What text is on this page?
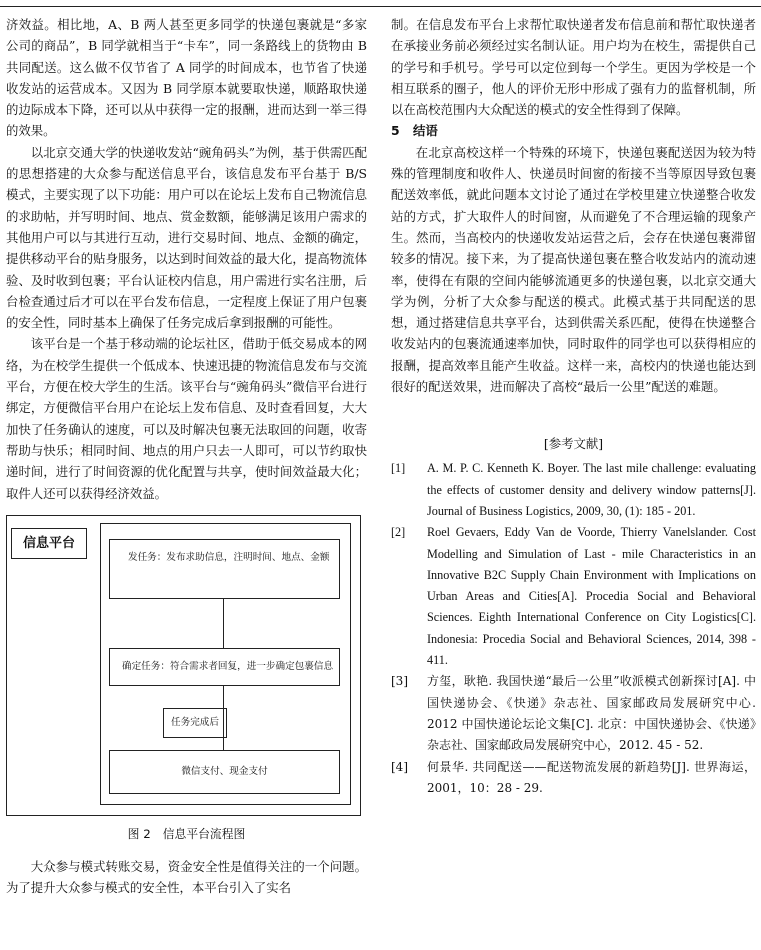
济效益。相比地，A、B 两人甚至更多同学的快递包裹就是“多家公司的商品”，B 同学就相当于“卡车”，同一条路线上的货物由 B 共同配送。这么做不仅节省了 A 同学的时间成本，也节省了快递收发站的运营成本。又因为 B 同学原本就要取快递，顺路取快递的边际成本下降，还可以从中获得一定的报酬，进而达到一举三得的效果。

以北京交通大学的快递收发站“豌角码头”为例，基于供需匹配的思想搭建的大众参与配送信息平台，该信息发布平台基于 B/S 模式，主要实现了以下功能：用户可以在论坛上发布自己物流信息的求助帖，并写明时间、地点、赏金数额，能够满足该用户需求的其他用户可以与其进行互动，进行交易时间、地点、金额的确定，提供移动平台的贴身服务，以达到时间效益的最大化，提高物流体验、及时收到包裹；平台认证校内信息，用户需进行实名注册，后台检查通过后才可以在平台发布信息，一定程度上保证了用户包裹的安全性，同时基本上确保了任务完成后拿到报酬的可能性。

该平台是一个基于移动端的论坛社区，借助于低交易成本的网络，为在校学生提供一个低成本、快速迅捷的物流信息发布与交流平台，方便在校大学生的生活。该平台与“豌角码头”微信平台进行绑定，方便微信平台用户在论坛上发布信息、及时查看回复，大大加快了任务确认的速度，可以及时解决包裹无法取回的问题，收寄帮助与快乐；相同时间、地点的用户只去一人即可，可以节约取快递时间，进行了时间资源的优化配置与共享，使时间效益最大化；取件人还可以获得经济效益。

信息平台
发任务：发布求助信息，注明时间、地点、金额
确定任务：符合需求者回复，进一步确定包裹信息
任务完成后
微信支付、现金支付
图 2 信息平台流程图

大众参与模式转账交易，资金安全性是值得关注的一个问题。为了提升大众参与模式的安全性，本平台引入了实名

制。在信息发布平台上求帮忙取快递者发布信息前和帮忙取快递者在承接业务前必须经过实名制认证。用户均为在校生，需提供自己的学号和手机号。学号可以定位到每一个学生。更因为学校是一个相互联系的圈子，他人的评价无形中形成了强有力的监督机制，所以在高校范围内大众配送的模式的安全性得到了保障。

5 结语

在北京高校这样一个特殊的环境下，快递包裹配送因为较为特殊的管理制度和收件人、快递员时间窗的衔接不当等原因导致包裹配送效率低，就此问题本文讨论了通过在学校里建立快递整合收发站的方式，扩大取件人的时间窗，从而避免了不合理运输的现象产生。然而，当高校内的快递收发站运营之后，会存在快递包裹滞留较多的情况。接下来，为了提高快递包裹在整合收发站内的流动速率，使得在有限的空间内能够流通更多的快递包裹，以北京交通大学为例，分析了大众参与配送的模式。此模式基于共同配送的思想，通过搭建信息共享平台，达到供需关系匹配，使得在快递整合收发站内的包裹流通速率加快，同时取件的同学也可以获得相应的报酬，提高效率且能产生收益。这样一来，高校内的快递也能达到很好的配送效果，进而解决了高校“最后一公里”配送的难题。

[参考文献]

[1] A. M. P. C. Kenneth K. Boyer. The last mile challenge: evaluating the effects of customer density and delivery window patterns[J]. Journal of Business Logistics, 2009, 30, (1): 185 - 201.

[2] Roel Gevaers, Eddy Van de Voorde, Thierry Vanelslander. Cost Modelling and Simulation of Last - mile Characteristics in an Innovative B2C Supply Chain Environment with Implications on Urban Areas and Cities[A]. Procedia Social and Behavioral Sciences. Eighth International Conference on City Logistics[C]. Indonesia: Procedia Social and Behavioral Sciences, 2014, 398 - 411.

[3] 方玺，耿艳. 我国快递“最后一公里”收派模式创新探讨[A]. 中国快递协会、《快递》杂志社、国家邮政局发展研究中心. 2012 中国快递论坛论文集[C]. 北京：中国快递协会、《快递》杂志社、国家邮政局发展研究中心，2012. 45 - 52.

[4] 何景华. 共同配送——配送物流发展的新趋势[J]. 世界海运，2001，10：28 - 29.
